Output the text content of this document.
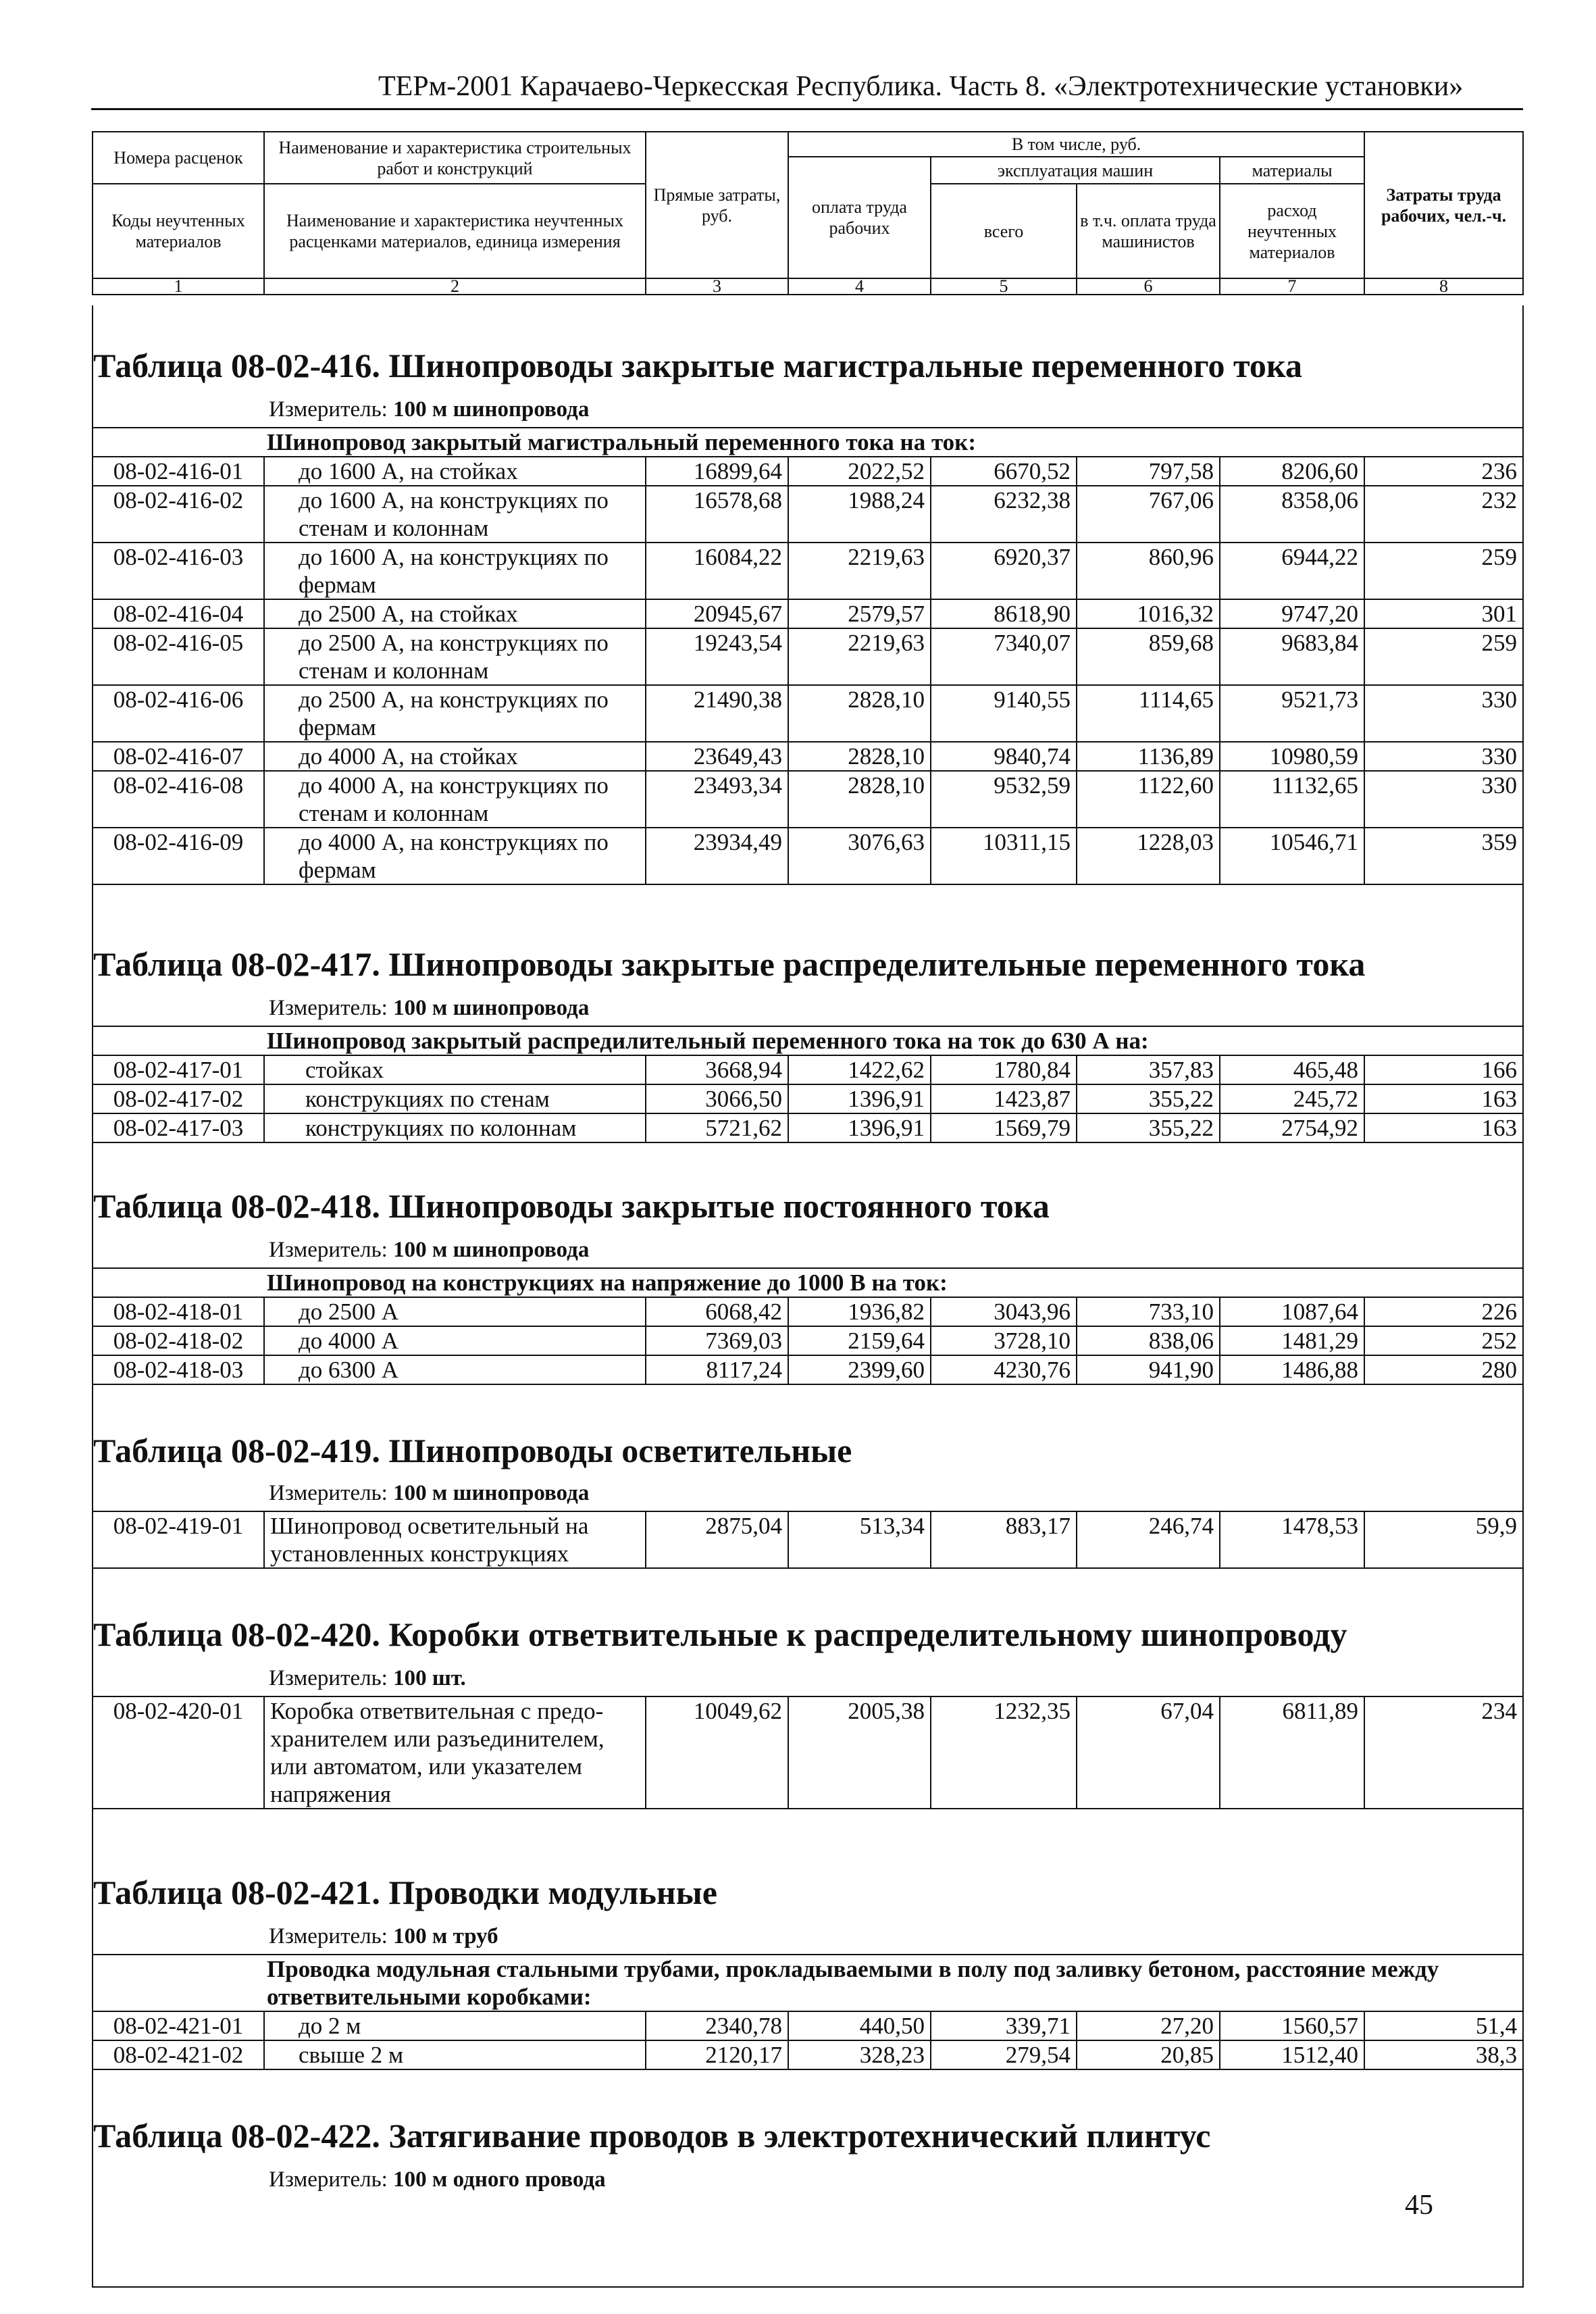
ТЕРм-2001 Карачаево-Черкесская Республика. Часть 8. «Электротехнические установки»
Номера расценок	Наименование и характеристика строительных работ и конструкций	Прямые затраты, руб.	В том числе, руб.				Затраты труда рабочих, чел.-ч.
			оплата труда рабочих	эксплуатация машин		материалы	
Коды неучтенных материалов	Наименование и характеристика неучтенных расценками материалов, единица измерения			всего	в т.ч. оплата труда машинистов	расход неучтенных материалов	

1	2	3	4	5	6	7	8
Таблица 08-02-416. Шинопроводы закрытые магистральные переменного тока
Измеритель: 100 м шинопровода
Шинопровод закрытый магистральный переменного тока на ток:							
08-02-416-01	до 1600 А, на стойках	16899,64	2022,52	6670,52	797,58	8206,60	236
08-02-416-02	до 1600 А, на конструкциях по стенам и колоннам	16578,68	1988,24	6232,38	767,06	8358,06	232
08-02-416-03	до 1600 А, на конструкциях по фермам	16084,22	2219,63	6920,37	860,96	6944,22	259
08-02-416-04	до 2500 А, на стойках	20945,67	2579,57	8618,90	1016,32	9747,20	301
08-02-416-05	до 2500 А, на конструкциях по стенам и колоннам	19243,54	2219,63	7340,07	859,68	9683,84	259
08-02-416-06	до 2500 А, на конструкциях по фермам	21490,38	2828,10	9140,55	1114,65	9521,73	330
08-02-416-07	до 4000 А, на стойках	23649,43	2828,10	9840,74	1136,89	10980,59	330
08-02-416-08	до 4000 А, на конструкциях по стенам и колоннам	23493,34	2828,10	9532,59	1122,60	11132,65	330
08-02-416-09	до 4000 А, на конструкциях по фермам	23934,49	3076,63	10311,15	1228,03	10546,71	359
Таблица 08-02-417. Шинопроводы закрытые распределительные переменного тока
Измеритель: 100 м шинопровода
Шинопровод закрытый распредилительный переменного тока на ток до 630 А на:							
08-02-417-01	стойках	3668,94	1422,62	1780,84	357,83	465,48	166
08-02-417-02	конструкциях по стенам	3066,50	1396,91	1423,87	355,22	245,72	163
08-02-417-03	конструкциях по колоннам	5721,62	1396,91	1569,79	355,22	2754,92	163
Таблица 08-02-418. Шинопроводы закрытые постоянного тока
Измеритель: 100 м шинопровода
Шинопровод на конструкциях на напряжение до 1000 В на ток:							
08-02-418-01	до 2500 А	6068,42	1936,82	3043,96	733,10	1087,64	226
08-02-418-02	до 4000 А	7369,03	2159,64	3728,10	838,06	1481,29	252
08-02-418-03	до 6300 А	8117,24	2399,60	4230,76	941,90	1486,88	280
Таблица 08-02-419. Шинопроводы осветительные
Измеритель: 100 м шинопровода
08-02-419-01	Шинопровод осветительный на установленных конструкциях	2875,04	513,34	883,17	246,74	1478,53	59,9
Таблица 08-02-420. Коробки ответвительные к распределительному шинопроводу
Измеритель: 100 шт.
08-02-420-01	Коробка ответвительная с предо-хранителем или разъединителем, или автоматом, или указателем напряжения	10049,62	2005,38	1232,35	67,04	6811,89	234
Таблица 08-02-421. Проводки модульные
Измеритель: 100 м труб
Проводка модульная стальными трубами, прокладываемыми в полу под заливку бетоном, расстояние между ответвительными коробками:							
08-02-421-01	до 2 м	2340,78	440,50	339,71	27,20	1560,57	51,4
08-02-421-02	свыше 2 м	2120,17	328,23	279,54	20,85	1512,40	38,3
Таблица 08-02-422. Затягивание проводов в электротехнический плинтус
Измеритель: 100 м одного провода
45
